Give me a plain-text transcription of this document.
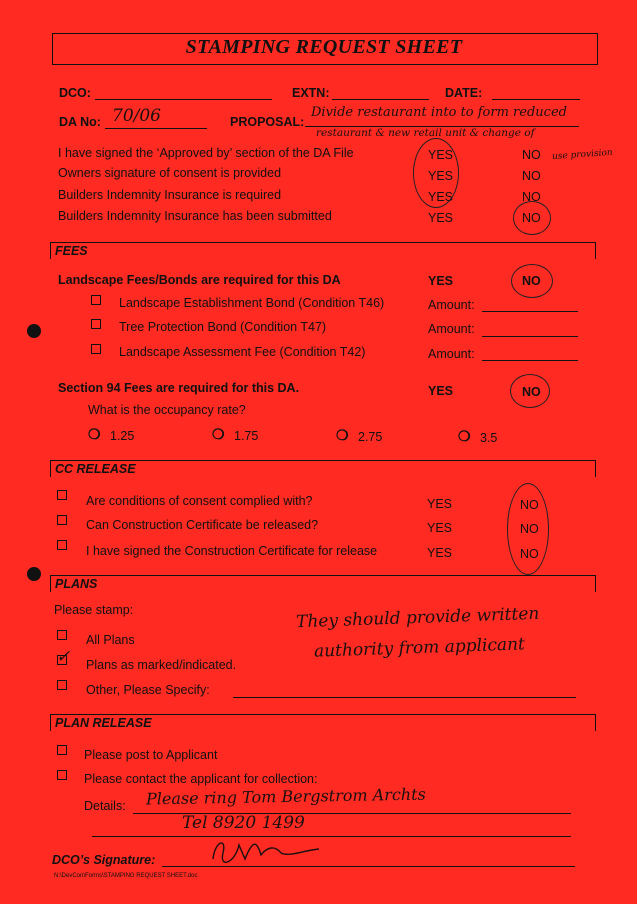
STAMPING REQUEST SHEET
DCO:	EXTN:	DATE:
DA No: 70/06	PROPOSAL:
Divide restaurant into to form reduced
restaurant & new retail unit & change of
use provision
I have signed the ‘Approved by’ section of the DA File	YES	NO
Owners signature of consent is provided	YES	NO
Builders Indemnity Insurance is required	YES	NO
Builders Indemnity Insurance has been submitted	YES	NO
FEES
Landscape Fees/Bonds are required for this DA	YES	NO
Landscape Establishment Bond (Condition T46)	Amount:
Tree Protection Bond (Condition T47)	Amount:
Landscape Assessment Fee (Condition T42)	Amount:
Section 94 Fees are required for this DA.	YES	NO
What is the occupancy rate?
❍ 1.25	❍ 1.75	❍ 2.75	❍ 3.5
CC RELEASE
Are conditions of consent complied with?	YES	NO
Can Construction Certificate be released?	YES	NO
I have signed the Construction Certificate for release	YES	NO
PLANS
Please stamp:
All Plans
✓ Plans as marked/indicated.
Other, Please Specify:
They should provide written
authority from applicant
PLAN RELEASE
Please post to Applicant
Please contact the applicant for collection:
Details: Please ring Tom Bergstrom Archts
Tel 8920 1499
DCO’s Signature:
N:\DevCon\Forms\STAMPING REQUEST SHEET.doc
